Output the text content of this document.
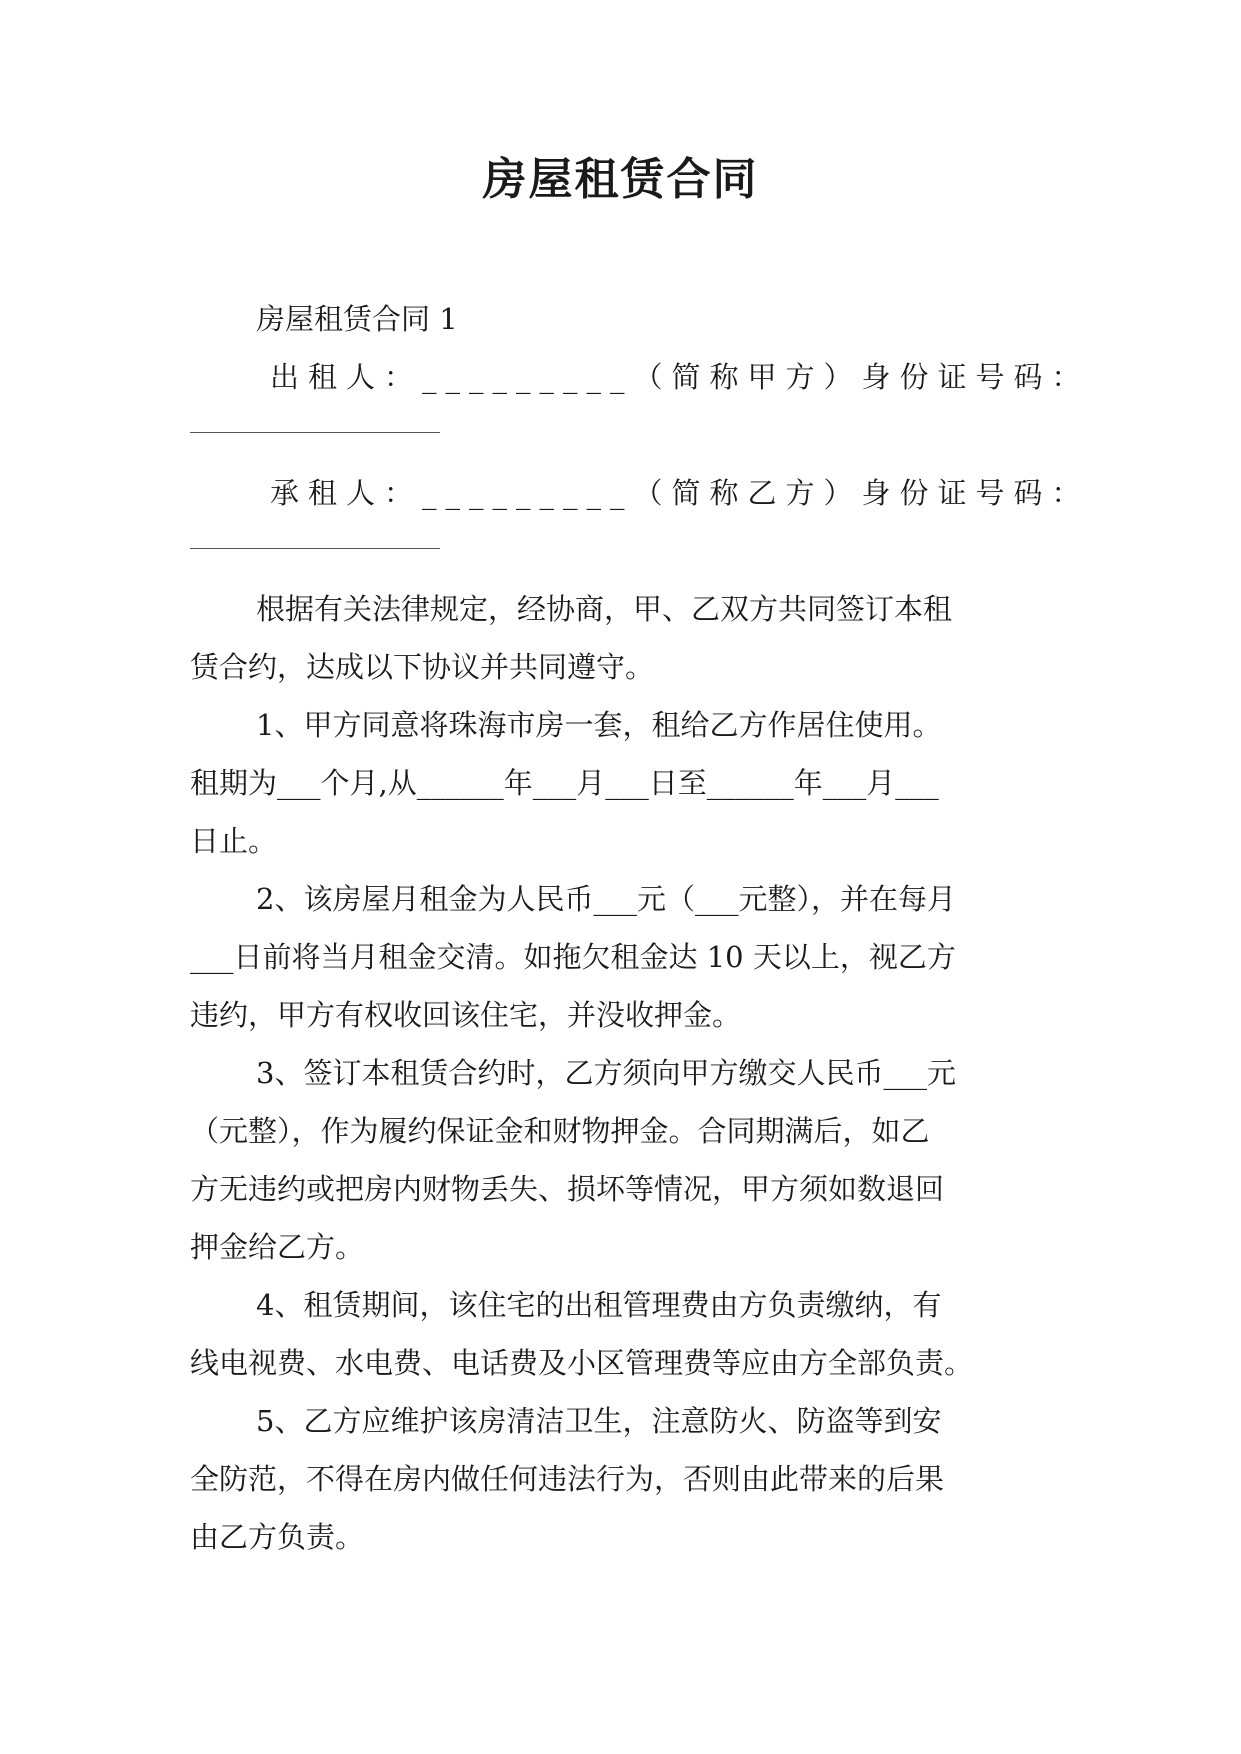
房屋租赁合同
房屋租赁合同 1
出租人：_________（简称甲方）身份证号码：
承租人：_________（简称乙方）身份证号码：
根据有关法律规定，经协商，甲、乙双方共同签订本租
赁合约，达成以下协议并共同遵守。
1、甲方同意将珠海市房一套，租给乙方作居住使用。
租期为___个月,从______年___月___日至______年___月___
日止。
2、该房屋月租金为人民币___元（___元整），并在每月
___日前将当月租金交清。如拖欠租金达 10 天以上，视乙方
违约，甲方有权收回该住宅，并没收押金。
3、签订本租赁合约时，乙方须向甲方缴交人民币___元
（元整），作为履约保证金和财物押金。合同期满后，如乙
方无违约或把房内财物丢失、损坏等情况，甲方须如数退回
押金给乙方。
4、租赁期间，该住宅的出租管理费由方负责缴纳，有
线电视费、水电费、电话费及小区管理费等应由方全部负责。
5、乙方应维护该房清洁卫生，注意防火、防盗等到安
全防范，不得在房内做任何违法行为，否则由此带来的后果
由乙方负责。
